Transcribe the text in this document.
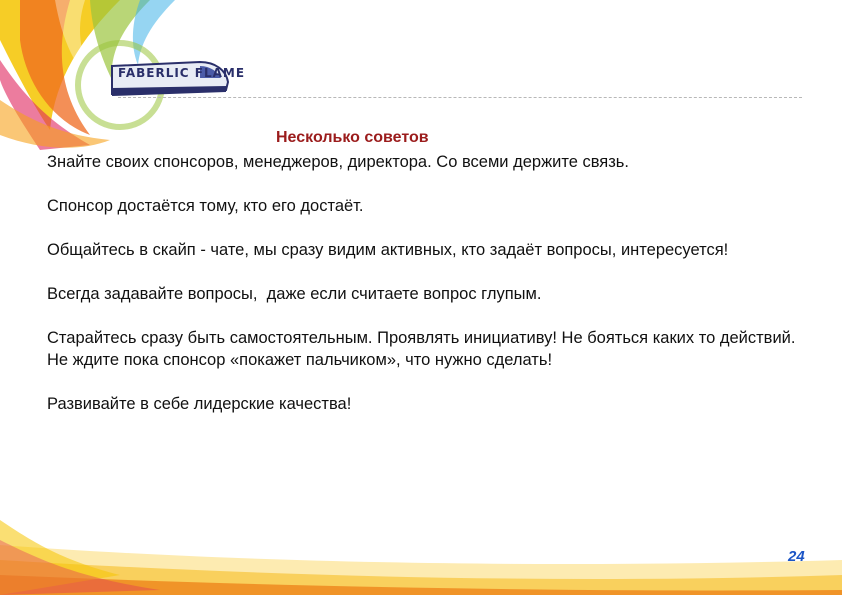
FABERLIC FLAME
Несколько советов

Знайте своих спонсоров, менеджеров, директора. Со всеми держите связь.

Спонсор достаётся тому, кто его достаёт.

Общайтесь в скайп - чате, мы сразу видим активных, кто задаёт вопросы, интересуется!

Всегда задавайте вопросы,  даже если считаете вопрос глупым.

Старайтесь сразу быть самостоятельным. Проявлять инициативу! Не бояться каких то действий.

Не ждите пока спонсор «покажет пальчиком», что нужно сделать!

Развивайте в себе лидерские качества!

24
